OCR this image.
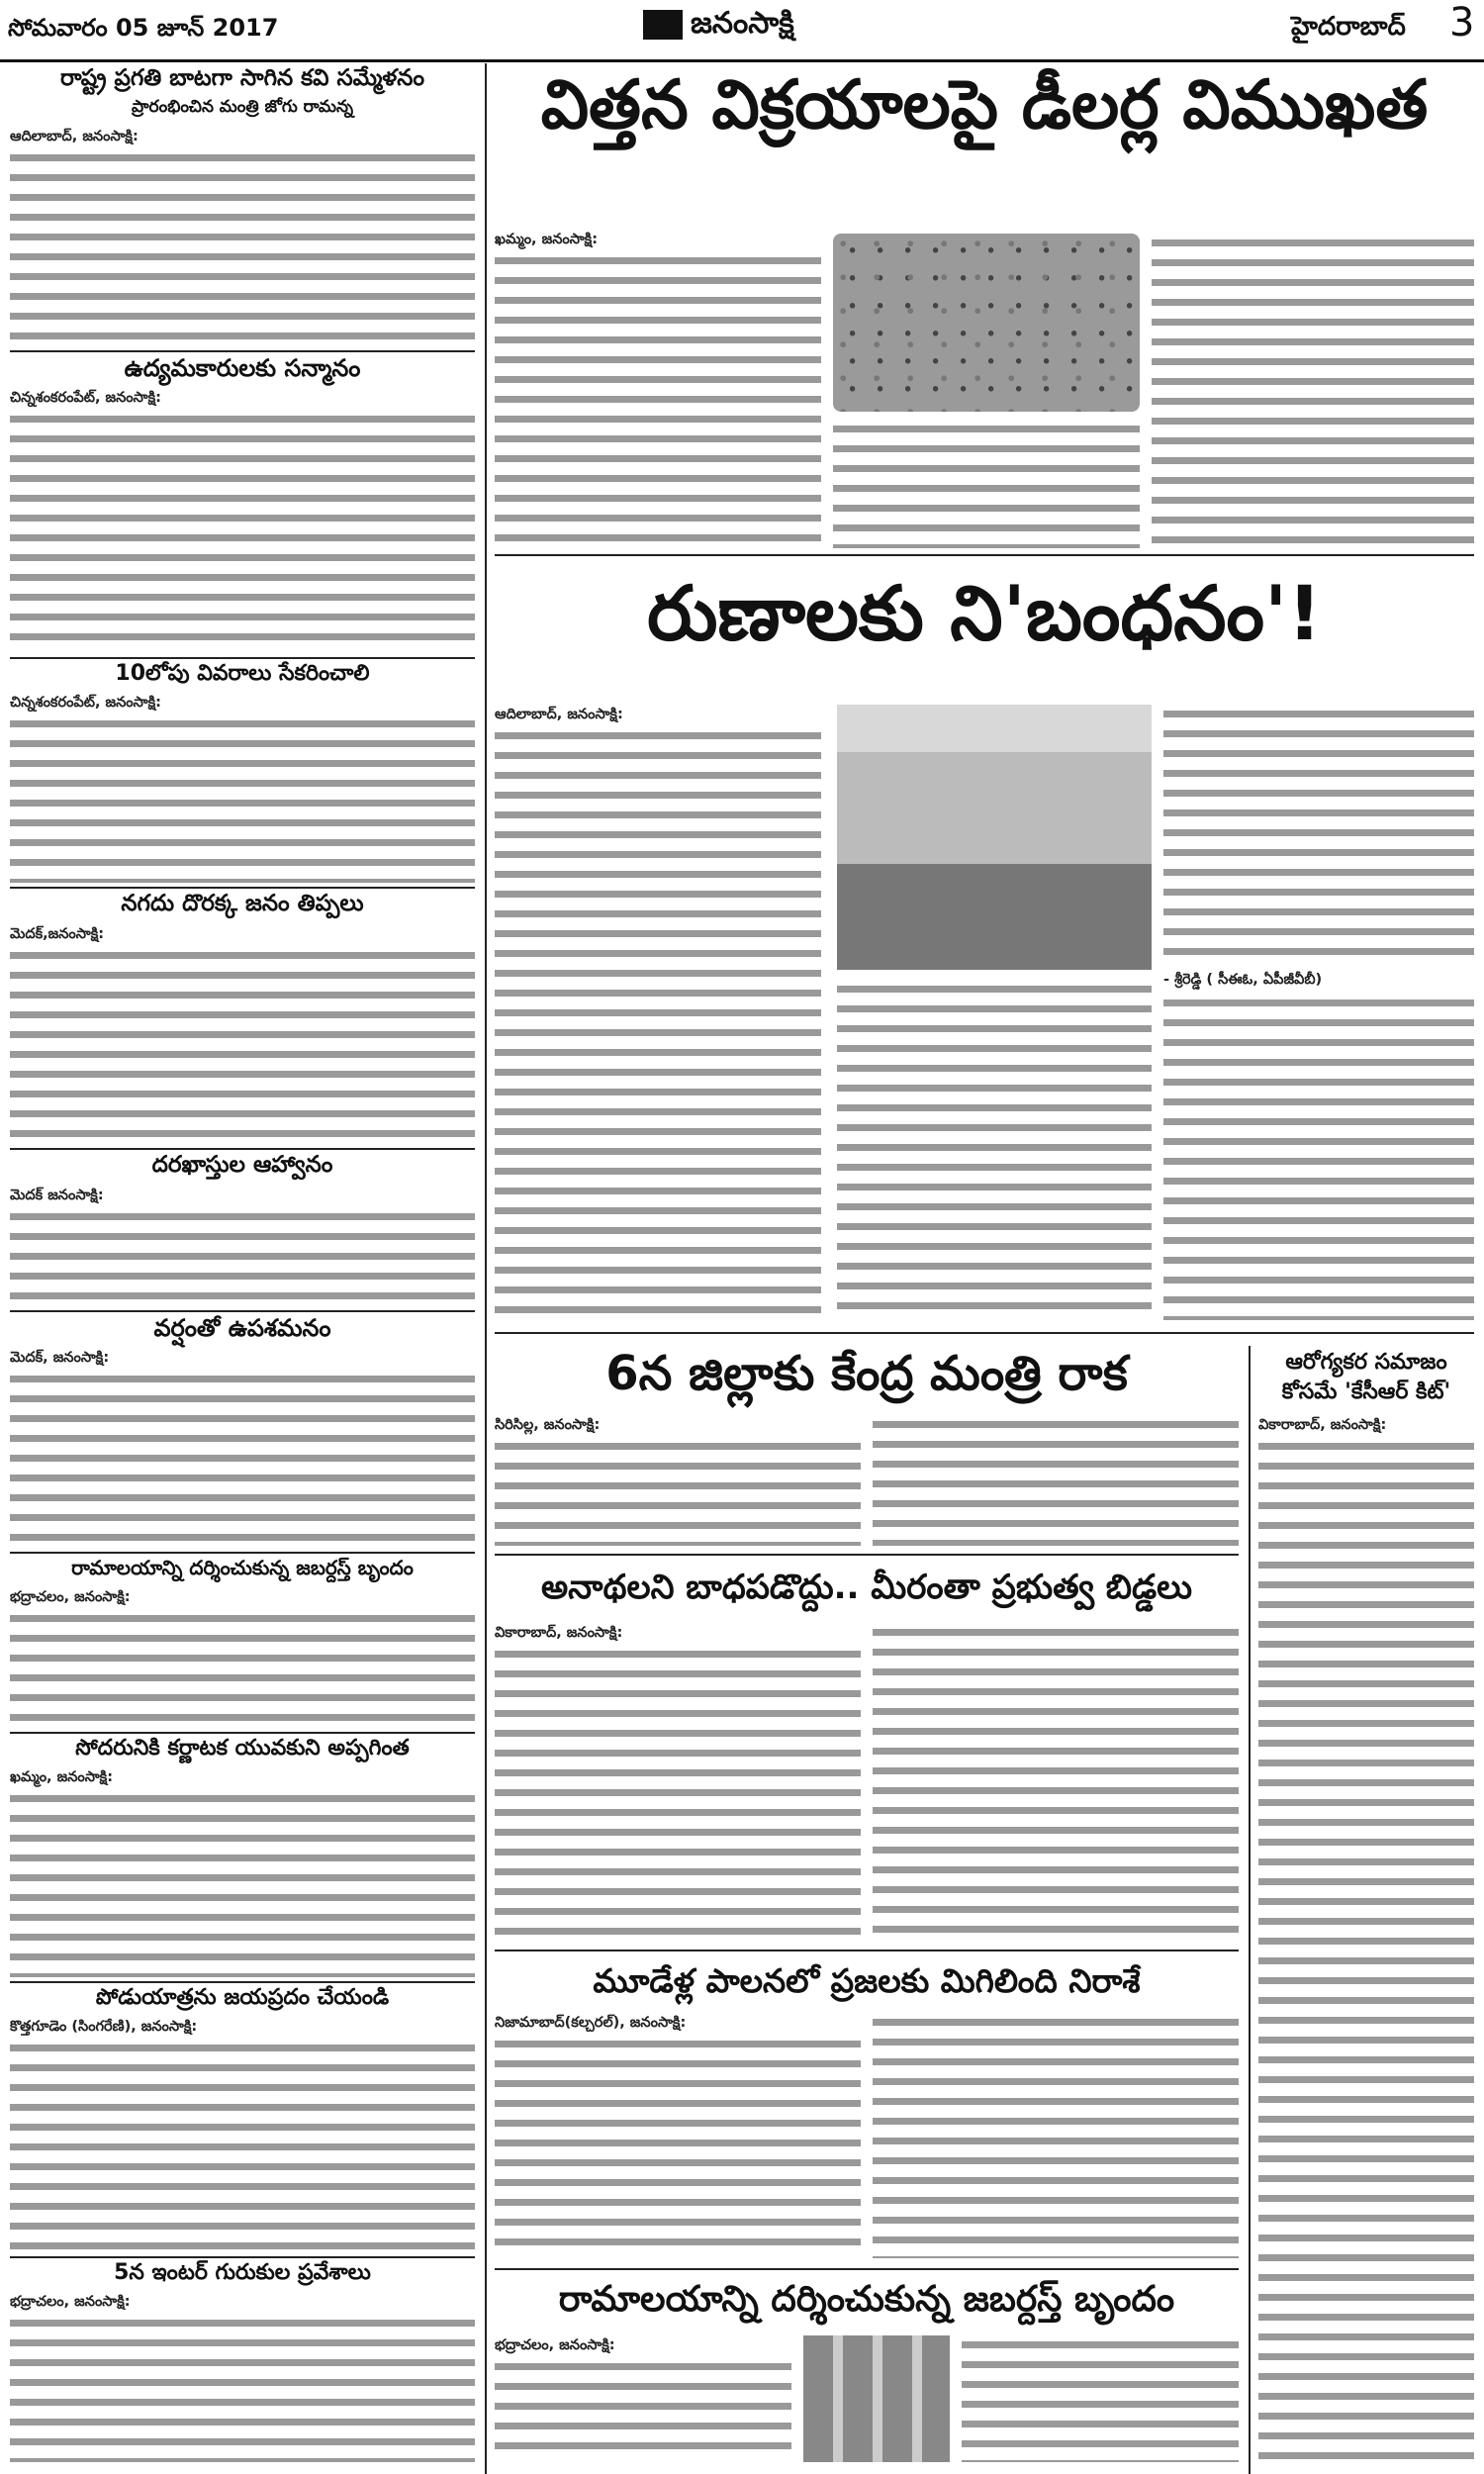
సోమవారం 05 జూన్ 2017	జనంసాక్షి	హైదరాబాద్ 3
రాష్ట్ర ప్రగతి బాటగా సాగిన కవి సమ్మేళనం
ప్రారంభించిన మంత్రి జోగు రామన్న
ఆదిలాబాద్, జనంసాక్షి:
ఉద్యమకారులకు సన్మానం
చిన్నశంకరంపేట్, జనంసాక్షి:
10లోపు వివరాలు సేకరించాలి
చిన్నశంకరంపేట్, జనంసాక్షి:
నగదు దొరక్క జనం తిప్పలు
మెదక్,జనంసాక్షి:
దరఖాస్తుల ఆహ్వానం
మెదక్ జనంసాక్షి:
వర్షంతో ఉపశమనం
మెదక్, జనంసాక్షి:
రామాలయాన్ని దర్శించుకున్న జబర్దస్త్ బృందం
భద్రాచలం, జనంసాక్షి:
సోదరునికి కర్ణాటక యువకుని అప్పగింత
ఖమ్మం, జనంసాక్షి:
పోడుయాత్రను జయప్రదం చేయండి
కొత్తగూడెం (సింగరేణి), జనంసాక్షి:
5న ఇంటర్ గురుకుల ప్రవేశాలు
భద్రాచలం, జనంసాక్షి:
విత్తన విక్రయాలపై డీలర్ల విముఖత
ఖమ్మం, జనంసాక్షి:
రుణాలకు ని'బంధనం'!
ఆదిలాబాద్, జనంసాక్షి:
- శ్రీరెడ్డి ( సీఈఓ, ఏపీజీవీబీ)
6న జిల్లాకు కేంద్ర మంత్రి రాక
సిరిసిల్ల, జనంసాక్షి:
అనాథలని బాధపడొద్దు.. మీరంతా ప్రభుత్వ బిడ్డలు
వికారాబాద్, జనంసాక్షి:
మూడేళ్ల పాలనలో ప్రజలకు మిగిలింది నిరాశే
నిజామాబాద్(కల్చరల్), జనంసాక్షి:
రామాలయాన్ని దర్శించుకున్న జబర్దస్త్ బృందం
భద్రాచలం, జనంసాక్షి:
ఆరోగ్యకర సమాజం కోసమే 'కేసీఆర్ కిట్'
వికారాబాద్, జనంసాక్షి:
